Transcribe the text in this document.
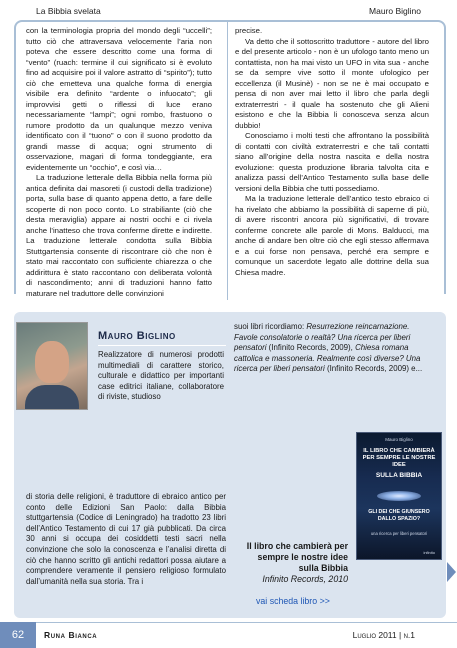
La Bibbia svelata	Mauro Biglino

con la terminologia propria del mondo degli “uccelli”; tutto ciò che attraversava velocemente l’aria non poteva che essere descritto come una forma di “vento” (ruach: termine il cui significato si è evoluto fino ad acquisire poi il valore astratto di “spirito”); tutto ciò che emetteva una qualche forma di energia visibile era definito “ardente o infuocato”; gli improvvisi getti o riflessi di luce erano necessariamente “lampi”; ogni rombo, frastuono o rumore prodotto da un qualunque mezzo veniva identificato con il “tuono” o con il suono prodotto da grandi masse di acqua; ogni strumento di osservazione, magari di forma tondeggiante, era evidentemente un “occhio”, e così via…

La traduzione letterale della Bibbia nella forma più antica definita dai masoreti (i custodi della tradizione) porta, sulla base di quanto appena detto, a fare delle scoperte di non poco conto. Lo strabiliante (ciò che desta meraviglia) appare ai nostri occhi e ci rivela anche l’inatteso che trova conferme dirette e indirette. La traduzione letterale condotta sulla Bibbia Stuttgartensia consente di riscontrare ciò che non è stato mai raccontato con sufficiente chiarezza o che addirittura è stato raccontano con deliberata volontà di nascondimento; anni di traduzioni hanno fatto maturare nel traduttore delle convinzioni

precise.

Va detto che il sottoscritto traduttore - autore del libro e del presente articolo - non è un ufologo tanto meno un contattista, non ha mai visto un UFO in vita sua - anche se da sempre vive sotto il monte ufologico per eccellenza (il Musinè) - non se ne è mai occupato e pensa di non aver mai letto il libro che parla degli extraterrestri - il quale ha sostenuto che gli Alieni esistono e che la Bibbia li conosceva senza alcun dubbio!

Conosciamo i molti testi che affrontano la possibilità di contatti con civiltà extraterrestri e che tali contatti siano all’origine della nostra nascita e della nostra evoluzione: questa produzione libraria talvolta cita e analizza passi dell’Antico Testamento sulla base delle versioni della Bibbia che tutti possediamo.

Ma la traduzione letterale dell’antico testo ebraico ci ha rivelato che abbiamo la possibilità di saperne di più, di avere riscontri ancora più significativi, di trovare conferme concrete alle parole di Mons. Balducci, ma anche di andare ben oltre ciò che egli stesso affermava e a cui forse non pensava, perché era sempre e comunque un sacerdote legato alle dottrine della sua Chiesa madre.

Mauro Biglino
Realizzatore di numerosi prodotti multimediali di carattere storico, culturale e didattico per importanti case editrici italiane, collaboratore di riviste, studioso
di storia delle religioni, è traduttore di ebraico antico per conto delle Edizioni San Paolo: dalla Bibbia stuttgartensia (Codice di Leningrado) ha tradotto 23 libri dell’Antico Testamento di cui 17 già pubblicati. Da circa 30 anni si occupa dei cosiddetti testi sacri nella convinzione che solo la conoscenza e l’analisi diretta di ciò che hanno scritto gli antichi redattori possa aiutare a comprendere veramente il pensiero religioso formulato dall’umanità nella sua storia. Tra i
suoi libri ricordiamo: Resurrezione reincarnazione. Favole consolatorie o realtà? Una ricerca per liberi pensatori (Infinito Records, 2009), Chiesa romana cattolica e massoneria. Realmente così diverse? Una ricerca per liberi pensatori (Infinito Records, 2009) e...
Mauro Biglino
IL LIBRO CHE CAMBIERÀ PER SEMPRE LE NOSTRE IDEE
SULLA BIBBIA
GLI DEI CHE GIUNSERO DALLO SPAZIO?
una ricerca per liberi pensatori
infinito
Il libro che cambierà per sempre le nostre idee sulla Bibbia
Infinito Records, 2010
vai scheda libro >>
62	Runa Bianca	Luglio 2011 | n.1
